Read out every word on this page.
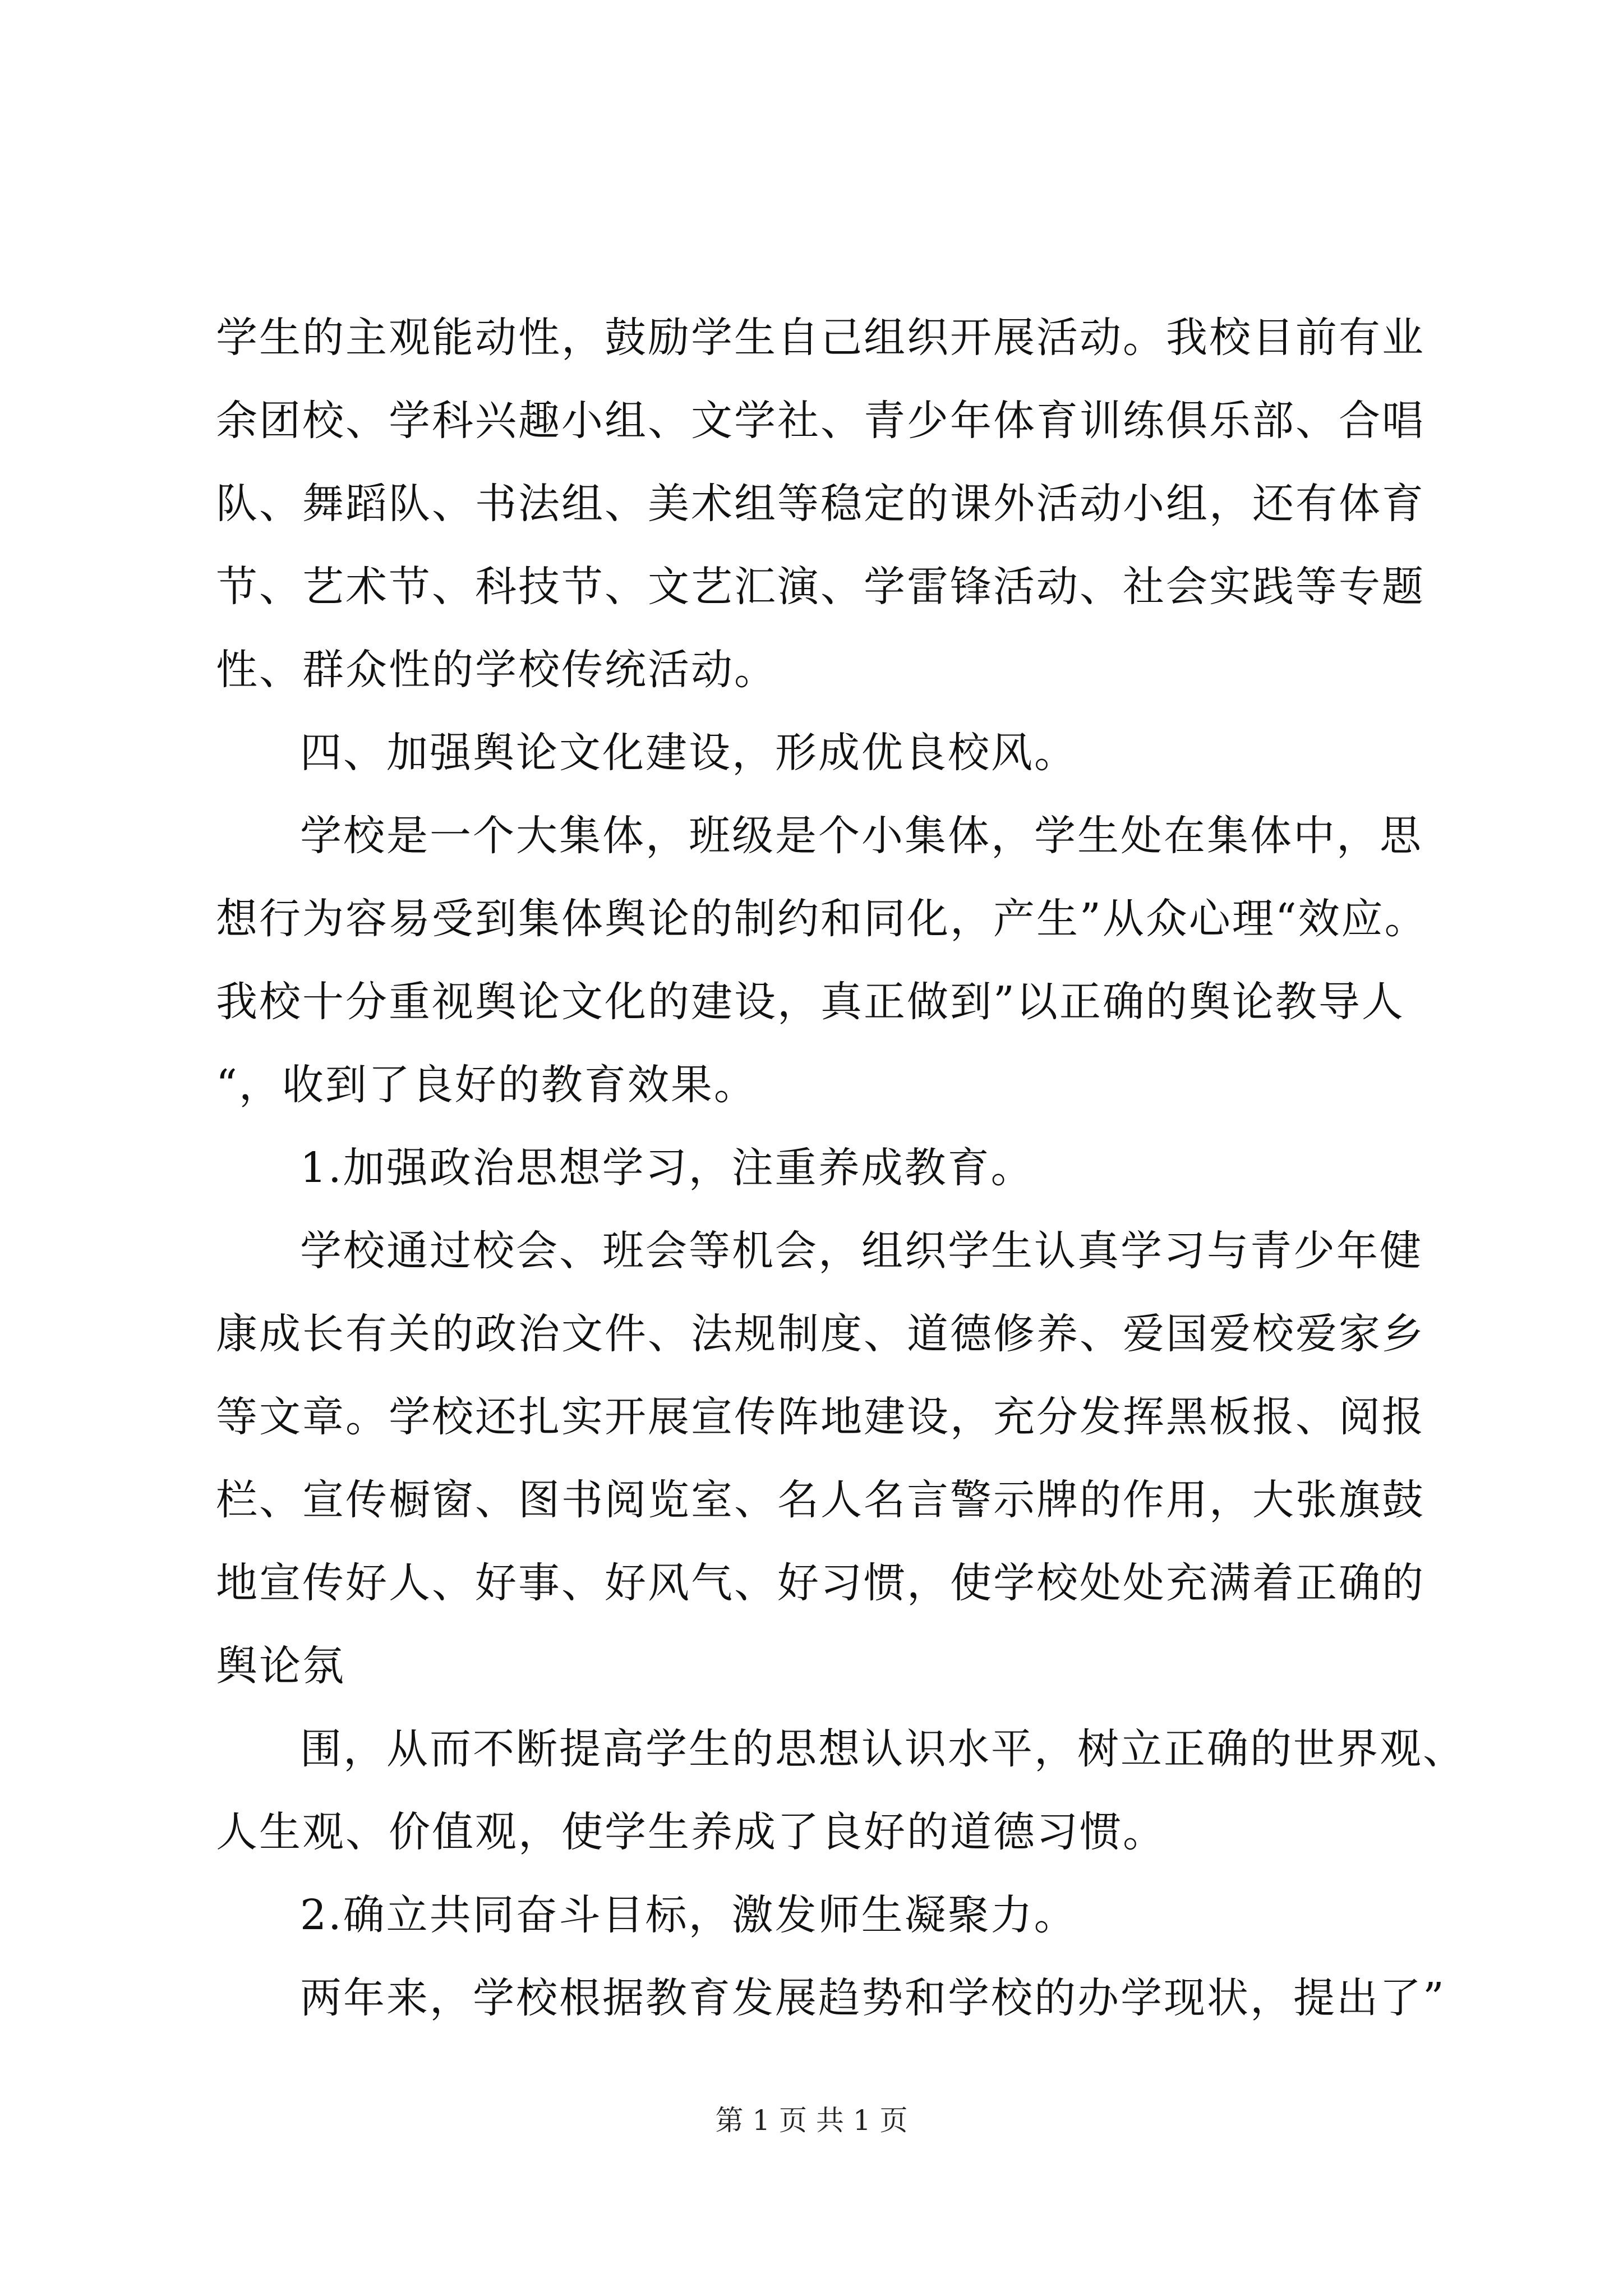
学生的主观能动性，鼓励学生自己组织开展活动。我校目前有业
余团校、学科兴趣小组、文学社、青少年体育训练俱乐部、合唱
队、舞蹈队、书法组、美术组等稳定的课外活动小组，还有体育
节、艺术节、科技节、文艺汇演、学雷锋活动、社会实践等专题
性、群众性的学校传统活动。
四、加强舆论文化建设，形成优良校风。
学校是一个大集体，班级是个小集体，学生处在集体中，思
想行为容易受到集体舆论的制约和同化，产生”从众心理“效应。
我校十分重视舆论文化的建设，真正做到”以正确的舆论教导人
“，收到了良好的教育效果。
1.加强政治思想学习，注重养成教育。
学校通过校会、班会等机会，组织学生认真学习与青少年健
康成长有关的政治文件、法规制度、道德修养、爱国爱校爱家乡
等文章。学校还扎实开展宣传阵地建设，充分发挥黑板报、阅报
栏、宣传橱窗、图书阅览室、名人名言警示牌的作用，大张旗鼓
地宣传好人、好事、好风气、好习惯，使学校处处充满着正确的
舆论氛
围，从而不断提高学生的思想认识水平，树立正确的世界观、
人生观、价值观，使学生养成了良好的道德习惯。
2.确立共同奋斗目标，激发师生凝聚力。
两年来，学校根据教育发展趋势和学校的办学现状，提出了”
第 1 页 共 1 页
